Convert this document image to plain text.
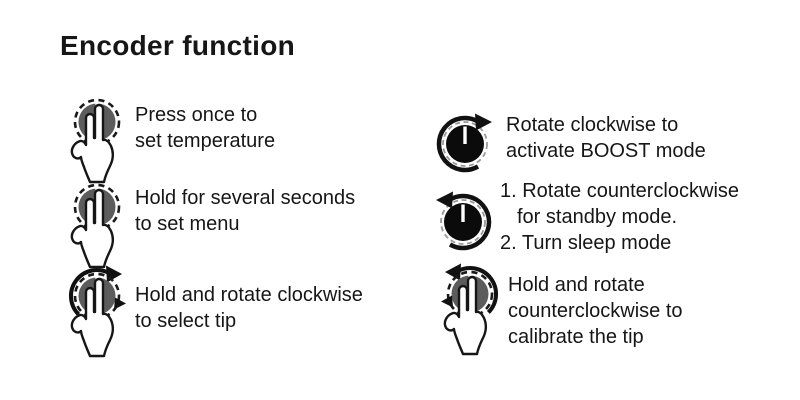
Encoder function
Press once to
set temperature
Hold for several seconds
to set menu
Hold and rotate clockwise
to select tip
Rotate clockwise to
activate BOOST mode
1. Rotate counterclockwise
for standby mode.
2. Turn sleep mode
Hold and rotate
counterclockwise to
calibrate the tip
